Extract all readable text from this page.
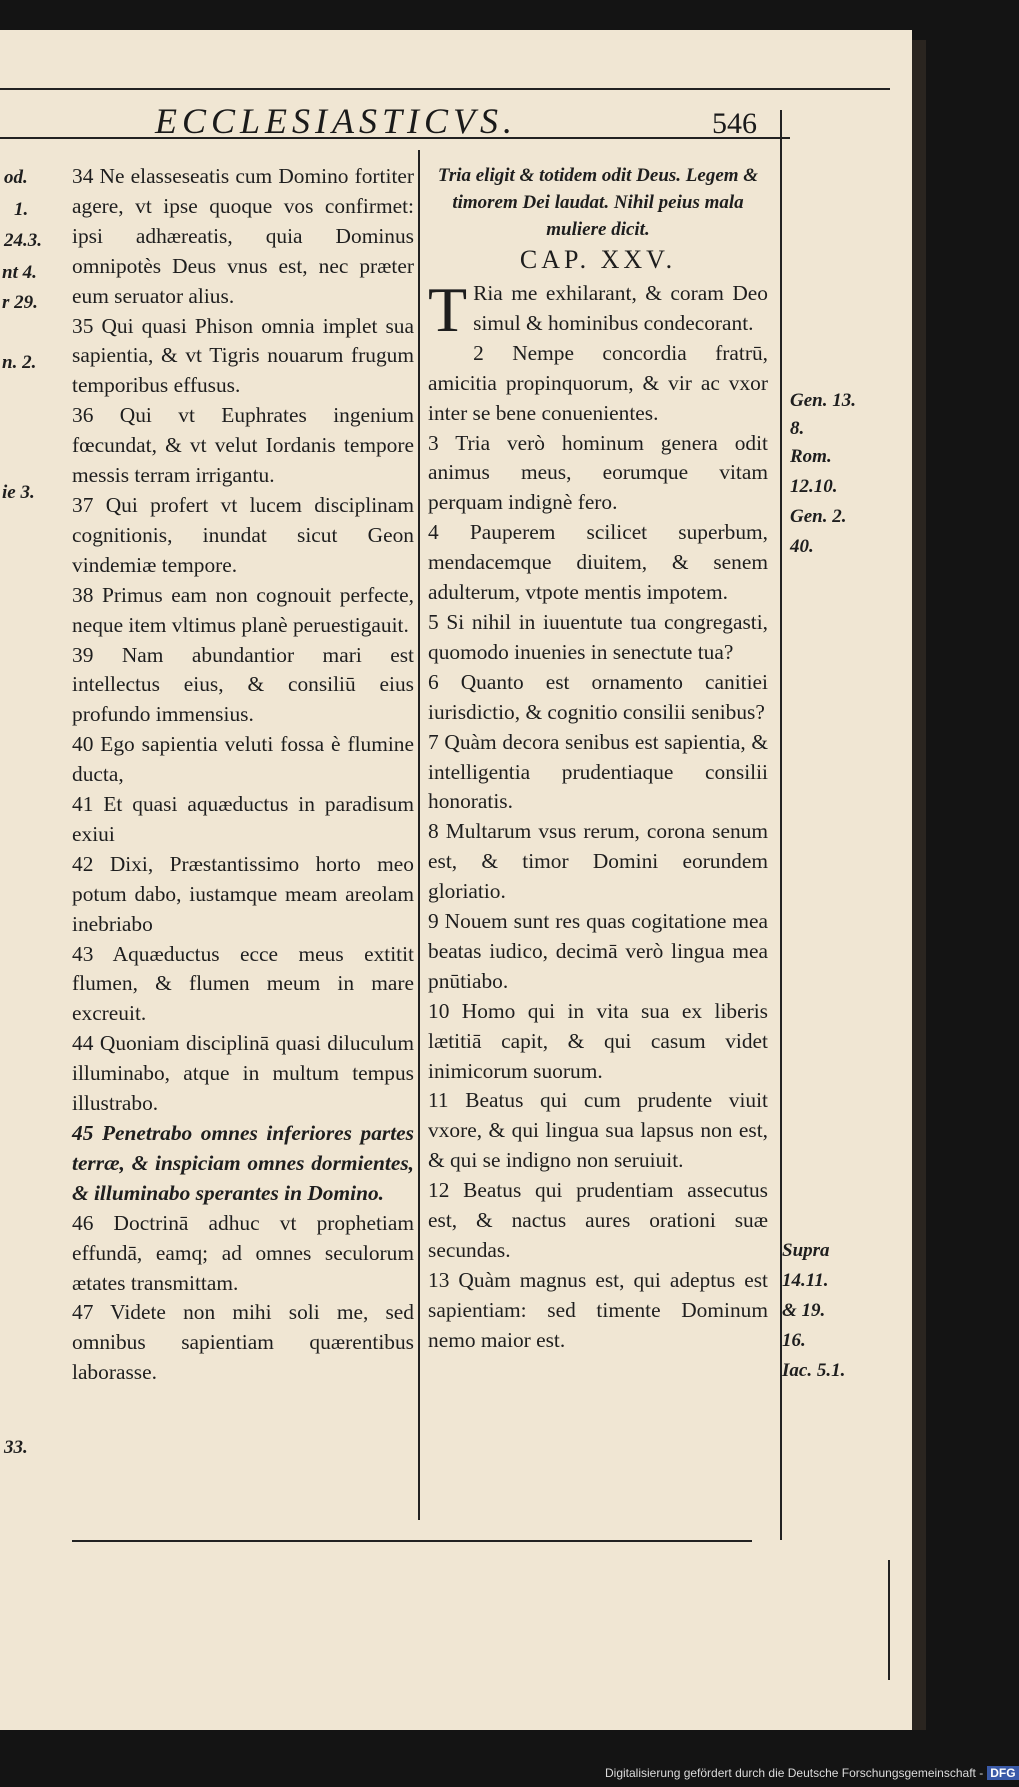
ECCLESIASTICVS.	546
od.
1.
24.3.
nt 4.
r 29.
n. 2.
ie 3.
33.
Gen. 13.
8.
Rom.
12.10.
Gen. 2.
40.
Supra
14.11.
& 19.
16.
Iac. 5.1.

34 Ne elasseseatis cum Domino fortiter agere, vt ipse quoque vos confirmet: ipsi adhæreatis, quia Dominus omnipotès Deus vnus est, nec præter eum seruator alius.

35 Qui quasi Phison omnia implet sua sapientia, & vt Tigris nouarum frugum temporibus effusus.

36 Qui vt Euphrates ingenium fœcundat, & vt velut Iordanis tempore messis terram irrigantu.

37 Qui profert vt lucem disciplinam cognitionis, inundat sicut Geon vindemiæ tempore.

38 Primus eam non cognouit perfecte, neque item vltimus planè peruestigauit.

39 Nam abundantior mari est intellectus eius, & consiliū eius profundo immensius.

40 Ego sapientia veluti fossa è flumine ducta,

41 Et quasi aquæductus in paradisum exiui

42 Dixi, Præstantissimo horto meo potum dabo, iustamque meam areolam inebriabo

43 Aquæductus ecce meus extitit flumen, & flumen meum in mare excreuit.

44 Quoniam disciplinā quasi diluculum illuminabo, atque in multum tempus illustrabo.

45 Penetrabo omnes inferiores partes terræ, & inspiciam omnes dormientes, & illuminabo sperantes in Domino.

46 Doctrinā adhuc vt prophetiam effundā, eamq; ad omnes seculorum ætates transmittam.

47 Videte non mihi soli me, sed omnibus sapientiam quærentibus laborasse.

Tria eligit & totidem odit Deus. Legem & timorem Dei laudat. Nihil peius mala muliere dicit.

CAP. XXV.

T Ria me exhilarant, & coram Deo simul & hominibus condecorant.

2 Nempe concordia fratrū, amicitia propinquorum, & vir ac vxor inter se bene conuenientes.

3 Tria verò hominum genera odit animus meus, eorumque vitam perquam indignè fero.

4 Pauperem scilicet superbum, mendacemque diuitem, & senem adulterum, vtpote mentis impotem.

5 Si nihil in iuuentute tua congregasti, quomodo inuenies in senectute tua?

6 Quanto est ornamento canitiei iurisdictio, & cognitio consilii senibus?

7 Quàm decora senibus est sapientia, & intelligentia prudentiaque consilii honoratis.

8 Multarum vsus rerum, corona senum est, & timor Domini eorundem gloriatio.

9 Nouem sunt res quas cogitatione mea beatas iudico, decimā verò lingua mea pnūtiabo.

10 Homo qui in vita sua ex liberis lætitiā capit, & qui casum videt inimicorum suorum.

11 Beatus qui cum prudente viuit vxore, & qui lingua sua lapsus non est, & qui se indigno non seruiuit.

12 Beatus qui prudentiam assecutus est, & nactus aures orationi suæ secundas.

13 Quàm magnus est, qui adeptus est sapientiam: sed timente Dominum nemo maior est.

Digitalisierung gefördert durch die Deutsche Forschungsgemeinschaft - DFG
